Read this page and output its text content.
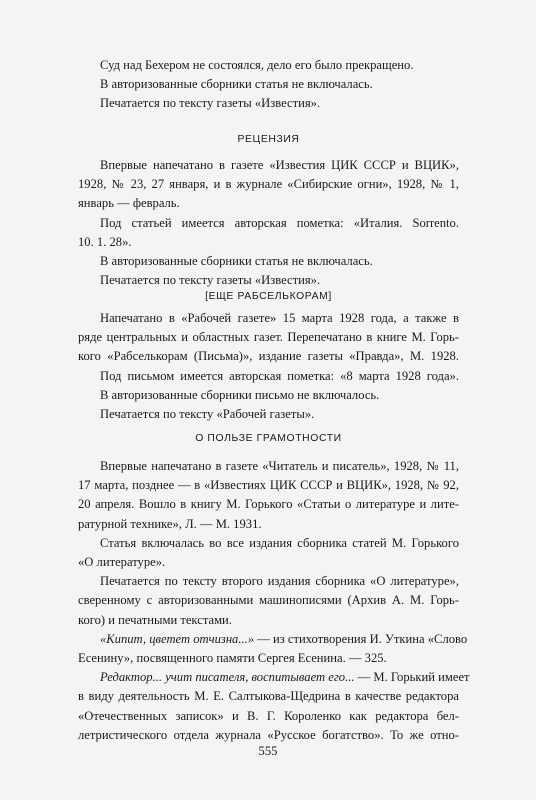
Суд над Бехером не состоялся, дело его было прекращено.
В авторизованные сборники статья не включалась.
Печатается по тексту газеты «Известия».
РЕЦЕНЗИЯ
Впервые напечатано в газете «Известия ЦИК СССР и ВЦИК»,
1928, № 23, 27 января, и в журнале «Сибирские огни», 1928, № 1,
январь — февраль.
Под статьей имеется авторская пометка: «Италия. Sorrento.
10. 1. 28».
В авторизованные сборники статья не включалась.
Печатается по тексту газеты «Известия».
[ЕЩЕ РАБСЕЛЬКОРАМ]
Напечатано в «Рабочей газете» 15 марта 1928 года, а также в
ряде центральных и областных газет. Перепечатано в книге М. Горь-
кого «Рабселькорам (Письма)», издание газеты «Правда», М. 1928.
Под письмом имеется авторская пометка: «8 марта 1928 года».
В авторизованные сборники письмо не включалось.
Печатается по тексту «Рабочей газеты».
О ПОЛЬЗЕ ГРАМОТНОСТИ
Впервые напечатано в газете «Читатель и писатель», 1928, № 11,
17 марта, позднее — в «Известиях ЦИК СССР и ВЦИК», 1928, № 92,
20 апреля. Вошло в книгу М. Горького «Статьи о литературе и лите-
ратурной технике», Л. — М. 1931.
Статья включалась во все издания сборника статей М. Горького
«О литературе».
Печатается по тексту второго издания сборника «О литературе»,
сверенному с авторизованными машинописями (Архив А. М. Горь-
кого) и печатными текстами.
«Кипит, цветет отчизна...» — из стихотворения И. Уткина «Слово
Есенину», посвященного памяти Сергея Есенина. — 325.
Редактор... учит писателя, воспитывает его... — М. Горький имеет
в виду деятельность М. Е. Салтыкова-Щедрина в качестве редактора
«Отечественных записок» и В. Г. Короленко как редактора бел-
летристического отдела журнала «Русское богатство». То же отно-
555
